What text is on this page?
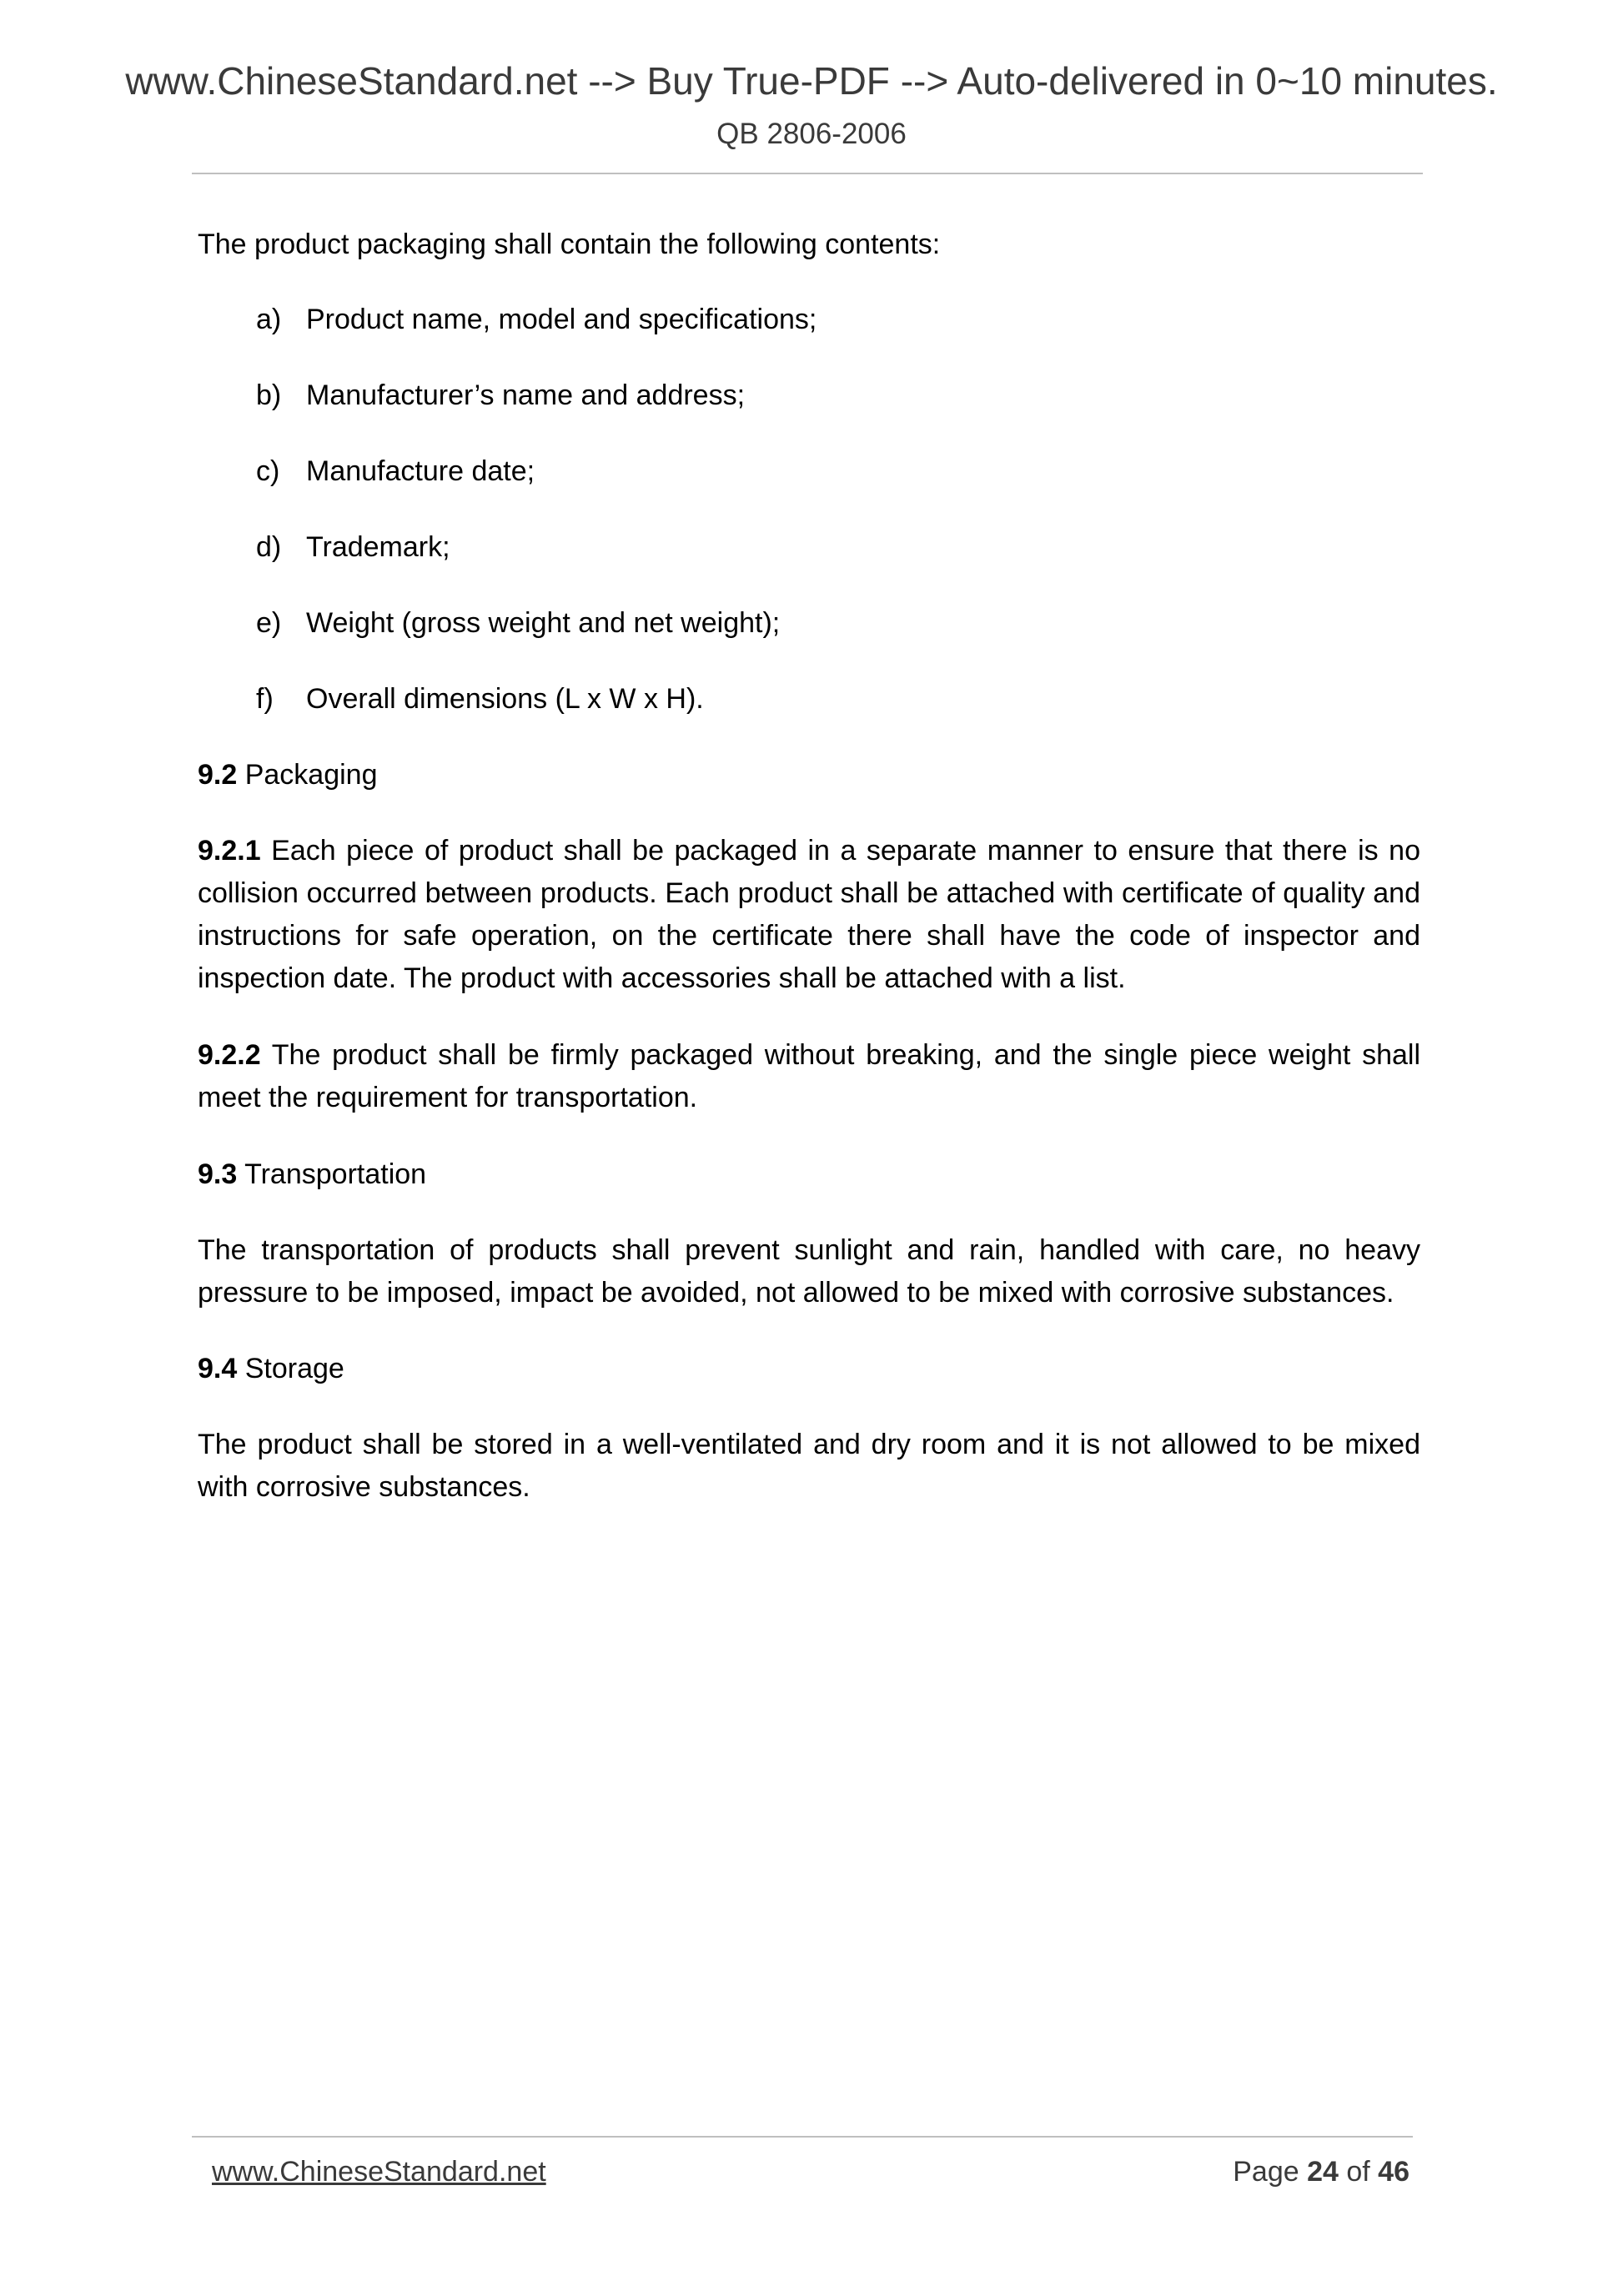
www.ChineseStandard.net --> Buy True-PDF --> Auto-delivered in 0~10 minutes.
QB 2806-2006

The product packaging shall contain the following contents:

a) Product name, model and specifications;
b) Manufacturer’s name and address;
c) Manufacture date;
d) Trademark;
e) Weight (gross weight and net weight);
f) Overall dimensions (L x W x H).

9.2 Packaging

9.2.1 Each piece of product shall be packaged in a separate manner to ensure that there is no collision occurred between products. Each product shall be attached with certificate of quality and instructions for safe operation, on the certificate there shall have the code of inspector and inspection date. The product with accessories shall be attached with a list.

9.2.2 The product shall be firmly packaged without breaking, and the single piece weight shall meet the requirement for transportation.

9.3 Transportation

The transportation of products shall prevent sunlight and rain, handled with care, no heavy pressure to be imposed, impact be avoided, not allowed to be mixed with corrosive substances.

9.4 Storage

The product shall be stored in a well-ventilated and dry room and it is not allowed to be mixed with corrosive substances.

www.ChineseStandard.net	Page 24 of 46
